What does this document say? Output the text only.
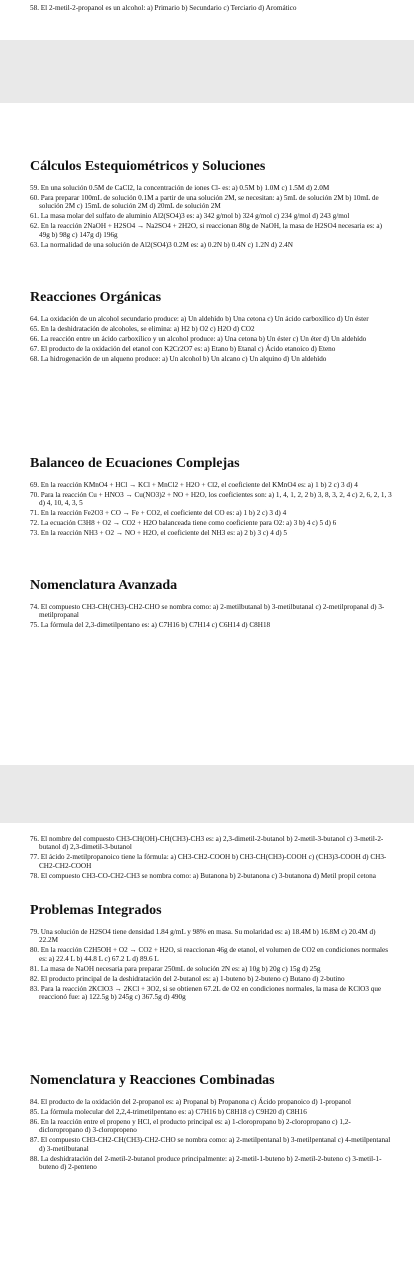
58. El 2-metil-2-propanol es un alcohol: a) Primario b) Secundario c) Terciario d) Aromático

Cálculos Estequiométricos y Soluciones

59. En una solución 0.5M de CaCl2, la concentración de iones Cl- es: a) 0.5M b) 1.0M c) 1.5M d) 2.0M

60. Para preparar 100mL de solución 0.1M a partir de una solución 2M, se necesitan: a) 5mL de solución 2M b) 10mL de solución 2M c) 15mL de solución 2M d) 20mL de solución 2M

61. La masa molar del sulfato de aluminio Al2(SO4)3 es: a) 342 g/mol b) 324 g/mol c) 234 g/mol d) 243 g/mol

62. En la reacción 2NaOH + H2SO4 → Na2SO4 + 2H2O, si reaccionan 80g de NaOH, la masa de H2SO4 necesaria es: a) 49g b) 98g c) 147g d) 196g

63. La normalidad de una solución de Al2(SO4)3 0.2M es: a) 0.2N b) 0.4N c) 1.2N d) 2.4N

Reacciones Orgánicas

64. La oxidación de un alcohol secundario produce: a) Un aldehído b) Una cetona c) Un ácido carboxílico d) Un éster

65. En la deshidratación de alcoholes, se elimina: a) H2 b) O2 c) H2O d) CO2

66. La reacción entre un ácido carboxílico y un alcohol produce: a) Una cetona b) Un éster c) Un éter d) Un aldehído

67. El producto de la oxidación del etanol con K2Cr2O7 es: a) Etano b) Etanal c) Ácido etanoico d) Eteno

68. La hidrogenación de un alqueno produce: a) Un alcohol b) Un alcano c) Un alquino d) Un aldehído

Balanceo de Ecuaciones Complejas

69. En la reacción KMnO4 + HCl → KCl + MnCl2 + H2O + Cl2, el coeficiente del KMnO4 es: a) 1 b) 2 c) 3 d) 4

70. Para la reacción Cu + HNO3 → Cu(NO3)2 + NO + H2O, los coeficientes son: a) 1, 4, 1, 2, 2 b) 3, 8, 3, 2, 4 c) 2, 6, 2, 1, 3 d) 4, 10, 4, 3, 5

71. En la reacción Fe2O3 + CO → Fe + CO2, el coeficiente del CO es: a) 1 b) 2 c) 3 d) 4

72. La ecuación C3H8 + O2 → CO2 + H2O balanceada tiene como coeficiente para O2: a) 3 b) 4 c) 5 d) 6

73. En la reacción NH3 + O2 → NO + H2O, el coeficiente del NH3 es: a) 2 b) 3 c) 4 d) 5

Nomenclatura Avanzada

74. El compuesto CH3-CH(CH3)-CH2-CHO se nombra como: a) 2-metilbutanal b) 3-metilbutanal c) 2-metilpropanal d) 3-metilpropanal

75. La fórmula del 2,3-dimetilpentano es: a) C7H16 b) C7H14 c) C6H14 d) C8H18

76. El nombre del compuesto CH3-CH(OH)-CH(CH3)-CH3 es: a) 2,3-dimetil-2-butanol b) 2-metil-3-butanol c) 3-metil-2-butanol d) 2,3-dimetil-3-butanol

77. El ácido 2-metilpropanoico tiene la fórmula: a) CH3-CH2-COOH b) CH3-CH(CH3)-COOH c) (CH3)3-COOH d) CH3-CH2-CH2-COOH

78. El compuesto CH3-CO-CH2-CH3 se nombra como: a) Butanona b) 2-butanona c) 3-butanona d) Metil propil cetona

Problemas Integrados

79. Una solución de H2SO4 tiene densidad 1.84 g/mL y 98% en masa. Su molaridad es: a) 18.4M b) 16.8M c) 20.4M d) 22.2M

80. En la reacción C2H5OH + O2 → CO2 + H2O, si reaccionan 46g de etanol, el volumen de CO2 en condiciones normales es: a) 22.4 L b) 44.8 L c) 67.2 L d) 89.6 L

81. La masa de NaOH necesaria para preparar 250mL de solución 2N es: a) 10g b) 20g c) 15g d) 25g

82. El producto principal de la deshidratación del 2-butanol es: a) 1-buteno b) 2-buteno c) Butano d) 2-butino

83. Para la reacción 2KClO3 → 2KCl + 3O2, si se obtienen 67.2L de O2 en condiciones normales, la masa de KClO3 que reaccionó fue: a) 122.5g b) 245g c) 367.5g d) 490g

Nomenclatura y Reacciones Combinadas

84. El producto de la oxidación del 2-propanol es: a) Propanal b) Propanona c) Ácido propanoico d) 1-propanol

85. La fórmula molecular del 2,2,4-trimetilpentano es: a) C7H16 b) C8H18 c) C9H20 d) C8H16

86. En la reacción entre el propeno y HCl, el producto principal es: a) 1-cloropropano b) 2-cloropropano c) 1,2-dicloropropano d) 3-cloropropeno

87. El compuesto CH3-CH2-CH(CH3)-CH2-CHO se nombra como: a) 2-metilpentanal b) 3-metilpentanal c) 4-metilpentanal d) 3-metilbutanal

88. La deshidratación del 2-metil-2-butanol produce principalmente: a) 2-metil-1-buteno b) 2-metil-2-buteno c) 3-metil-1-buteno d) 2-penteno
